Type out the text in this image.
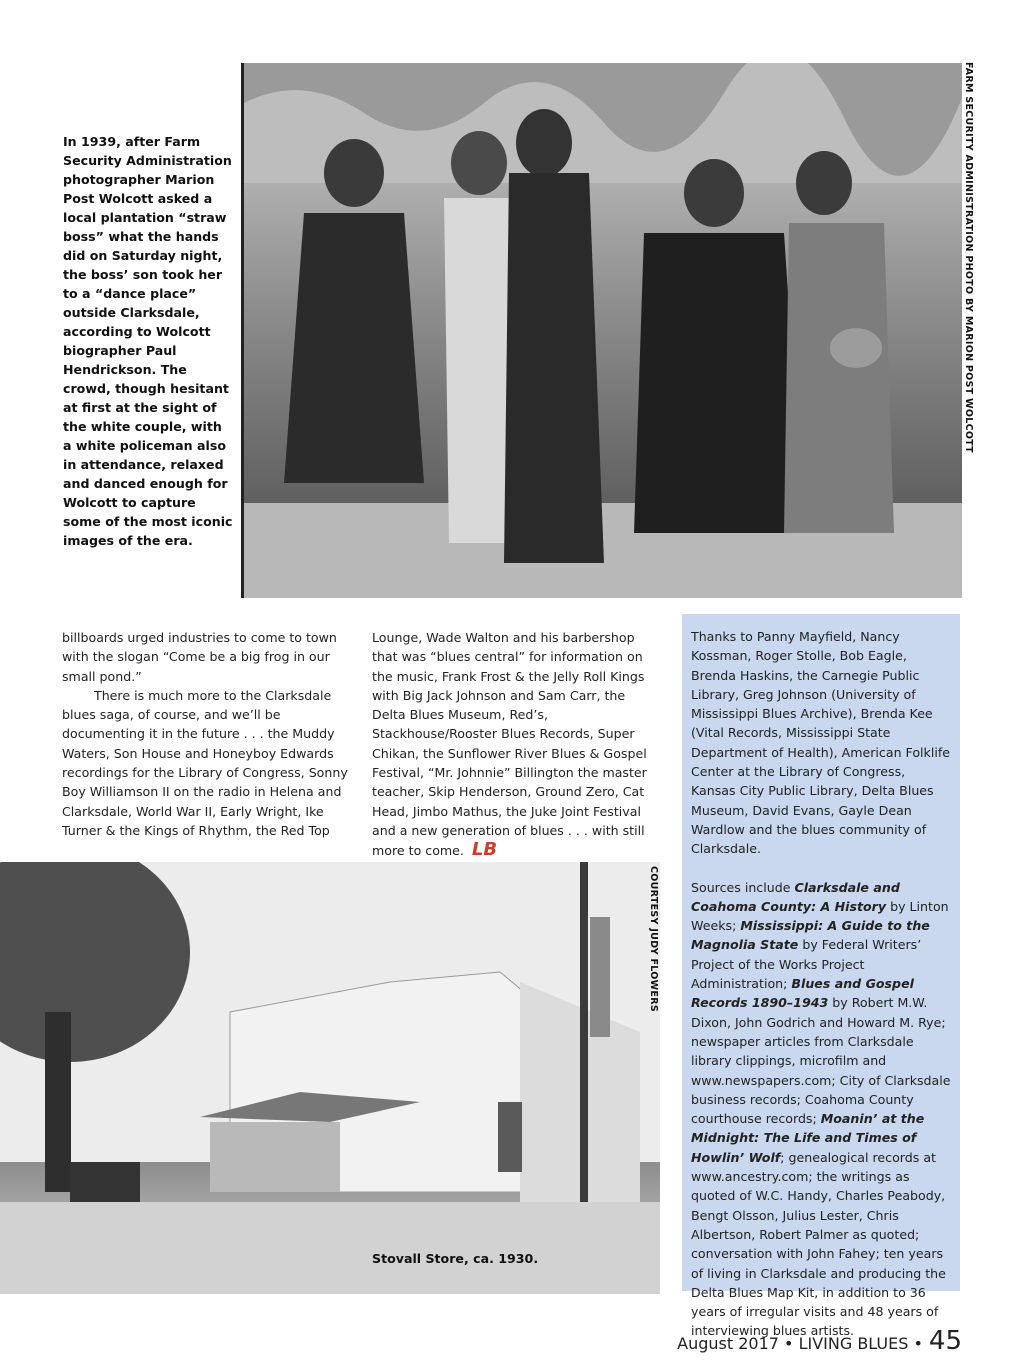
FARM SECURITY ADMINISTRATION PHOTO BY MARION POST WOLCOTT
In 1939, after Farm Security Administration photographer Marion Post Wolcott asked a local plantation “straw boss” what the hands did on Saturday night, the boss’ son took her to a “dance place” outside Clarksdale, according to Wolcott biographer Paul Hendrickson. The crowd, though hesitant at first at the sight of the white couple, with a white policeman also in attendance, relaxed and danced enough for Wolcott to capture some of the most iconic images of the era.

billboards urged industries to come to town with the slogan “Come be a big frog in our small pond.”

There is much more to the Clarksdale blues saga, of course, and we’ll be documenting it in the future . . . the Muddy Waters, Son House and Honeyboy Edwards recordings for the Library of Congress, Sonny Boy Williamson II on the radio in Helena and Clarksdale, World War II, Early Wright, Ike Turner & the Kings of Rhythm, the Red Top

Lounge, Wade Walton and his barbershop that was “blues central” for information on the music, Frank Frost & the Jelly Roll Kings with Big Jack Johnson and Sam Carr, the Delta Blues Museum, Red’s, Stackhouse/Rooster Blues Records, Super Chikan, the Sunflower River Blues & Gospel Festival, “Mr. Johnnie” Billington the master teacher, Skip Henderson, Ground Zero, Cat Head, Jimbo Mathus, the Juke Joint Festival and a new generation of blues . . . with still more to come. LB

Thanks to Panny Mayfield, Nancy Kossman, Roger Stolle, Bob Eagle, Brenda Haskins, the Carnegie Public Library, Greg Johnson (University of Mississippi Blues Archive), Brenda Kee (Vital Records, Mississippi State Department of Health), American Folklife Center at the Library of Congress, Kansas City Public Library, Delta Blues Museum, David Evans, Gayle Dean Wardlow and the blues community of Clarksdale.

Sources include Clarksdale and Coahoma County: A History by Linton Weeks; Mississippi: A Guide to the Magnolia State by Federal Writers’ Project of the Works Project Administration; Blues and Gospel Records 1890–1943 by Robert M.W. Dixon, John Godrich and Howard M. Rye; newspaper articles from Clarksdale library clippings, microfilm and www.newspapers.com; City of Clarksdale business records; Coahoma County courthouse records; Moanin’ at the Midnight: The Life and Times of Howlin’ Wolf; genealogical records at www.ancestry.com; the writings as quoted of W.C. Handy, Charles Peabody, Bengt Olsson, Julius Lester, Chris Albertson, Robert Palmer as quoted; conversation with John Fahey; ten years of living in Clarksdale and producing the Delta Blues Map Kit, in addition to 36 years of irregular visits and 48 years of interviewing blues artists.

COURTESY JUDY FLOWERS
Stovall Store, ca. 1930.
August 2017 • LIVING BLUES • 45
